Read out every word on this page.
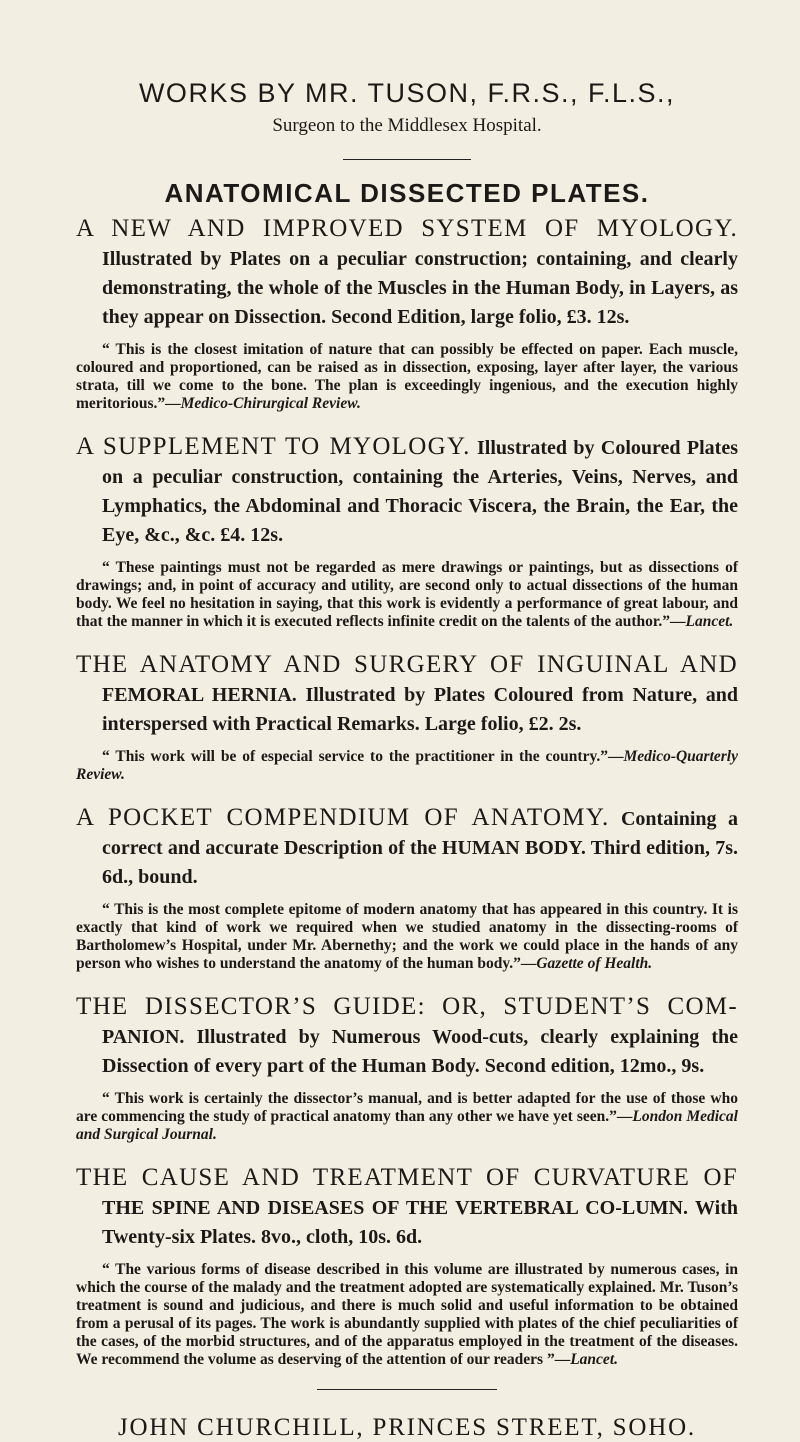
WORKS BY MR. TUSON, F.R.S., F.L.S.,
Surgeon to the Middlesex Hospital.
ANATOMICAL DISSECTED PLATES.
A NEW AND IMPROVED SYSTEM OF MYOLOGY. Illustrated by Plates on a peculiar construction; containing, and clearly demonstrating, the whole of the Muscles in the Human Body, in Layers, as they appear on Dissection. Second Edition, large folio, £3. 12s.
“ This is the closest imitation of nature that can possibly be effected on paper. Each muscle, coloured and proportioned, can be raised as in dissection, exposing, layer after layer, the various strata, till we come to the bone. The plan is exceedingly ingenious, and the execution highly meritorious.”—Medico-Chirurgical Review.
A SUPPLEMENT TO MYOLOGY. Illustrated by Coloured Plates on a peculiar construction, containing the Arteries, Veins, Nerves, and Lymphatics, the Abdominal and Thoracic Viscera, the Brain, the Ear, the Eye, &c., &c. £4. 12s.
“ These paintings must not be regarded as mere drawings or paintings, but as dissections of drawings; and, in point of accuracy and utility, are second only to actual dissections of the human body. We feel no hesitation in saying, that this work is evidently a performance of great labour, and that the manner in which it is executed reflects infinite credit on the talents of the author.”—Lancet.
THE ANATOMY AND SURGERY OF INGUINAL AND FEMORAL HERNIA. Illustrated by Plates Coloured from Nature, and interspersed with Practical Remarks. Large folio, £2. 2s.
“ This work will be of especial service to the practitioner in the country.”—Medico-Quarterly Review.
A POCKET COMPENDIUM OF ANATOMY. Containing a correct and accurate Description of the HUMAN BODY. Third edition, 7s. 6d., bound.
“ This is the most complete epitome of modern anatomy that has appeared in this country. It is exactly that kind of work we required when we studied anatomy in the dissecting-rooms of Bartholomew’s Hospital, under Mr. Abernethy; and the work we could place in the hands of any person who wishes to understand the anatomy of the human body.”—Gazette of Health.
THE DISSECTOR’S GUIDE: OR, STUDENT’S COM- PANION. Illustrated by Numerous Wood-cuts, clearly explaining the Dissection of every part of the Human Body. Second edition, 12mo., 9s.
“ This work is certainly the dissector’s manual, and is better adapted for the use of those who are commencing the study of practical anatomy than any other we have yet seen.”—London Medical and Surgical Journal.
THE CAUSE AND TREATMENT OF CURVATURE OF THE SPINE AND DISEASES OF THE VERTEBRAL CO-LUMN. With Twenty-six Plates. 8vo., cloth, 10s. 6d.
“ The various forms of disease described in this volume are illustrated by numerous cases, in which the course of the malady and the treatment adopted are systematically explained. Mr. Tuson’s treatment is sound and judicious, and there is much solid and useful information to be obtained from a perusal of its pages. The work is abundantly supplied with plates of the chief peculiarities of the cases, of the morbid structures, and of the apparatus employed in the treatment of the diseases. We recommend the volume as deserving of the attention of our readers ”—Lancet.
JOHN CHURCHILL, PRINCES STREET, SOHO.
